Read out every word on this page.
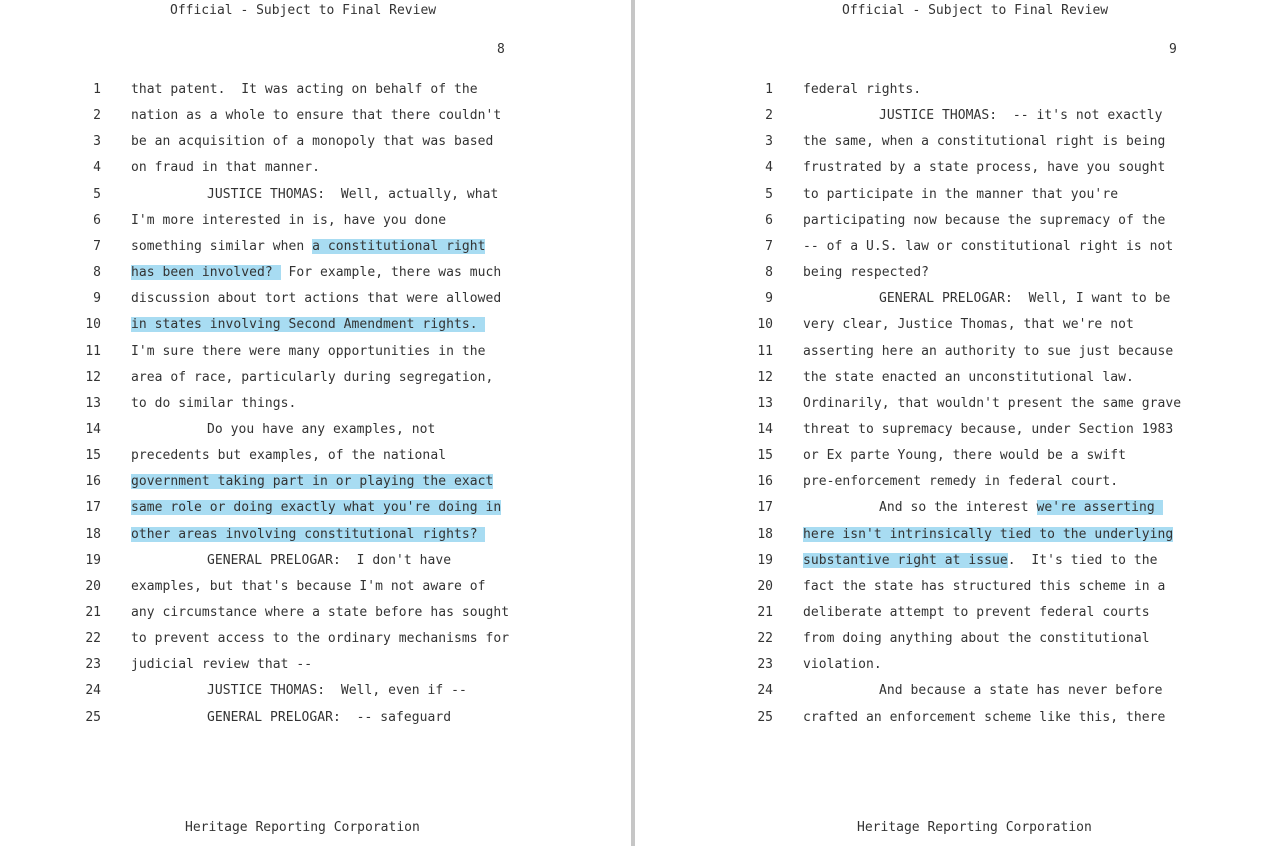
Official - Subject to Final Review
8
1 that patent.  It was acting on behalf of the
2 nation as a whole to ensure that there couldn't
3 be an acquisition of a monopoly that was based
4 on fraud in that manner.
5	JUSTICE THOMAS:  Well, actually, what
6 I'm more interested in is, have you done
7 something similar when a constitutional right
8 has been involved?  For example, there was much
9 discussion about tort actions that were allowed
10 in states involving Second Amendment rights.
11 I'm sure there were many opportunities in the
12 area of race, particularly during segregation,
13 to do similar things.
14	Do you have any examples, not
15 precedents but examples, of the national
16 government taking part in or playing the exact
17 same role or doing exactly what you're doing in
18 other areas involving constitutional rights?
19	GENERAL PRELOGAR:  I don't have
20 examples, but that's because I'm not aware of
21 any circumstance where a state before has sought
22 to prevent access to the ordinary mechanisms for
23 judicial review that --
24	JUSTICE THOMAS:  Well, even if --
25	GENERAL PRELOGAR:  -- safeguard
Heritage Reporting Corporation
Official - Subject to Final Review
9
1 federal rights.
2	JUSTICE THOMAS:  -- it's not exactly
3 the same, when a constitutional right is being
4 frustrated by a state process, have you sought
5 to participate in the manner that you're
6 participating now because the supremacy of the
7 -- of a U.S. law or constitutional right is not
8 being respected?
9	GENERAL PRELOGAR:  Well, I want to be
10 very clear, Justice Thomas, that we're not
11 asserting here an authority to sue just because
12 the state enacted an unconstitutional law.
13 Ordinarily, that wouldn't present the same grave
14 threat to supremacy because, under Section 1983
15 or Ex parte Young, there would be a swift
16 pre-enforcement remedy in federal court.
17	And so the interest we're asserting
18 here isn't intrinsically tied to the underlying
19 substantive right at issue.  It's tied to the
20 fact the state has structured this scheme in a
21 deliberate attempt to prevent federal courts
22 from doing anything about the constitutional
23 violation.
24	And because a state has never before
25 crafted an enforcement scheme like this, there
Heritage Reporting Corporation
